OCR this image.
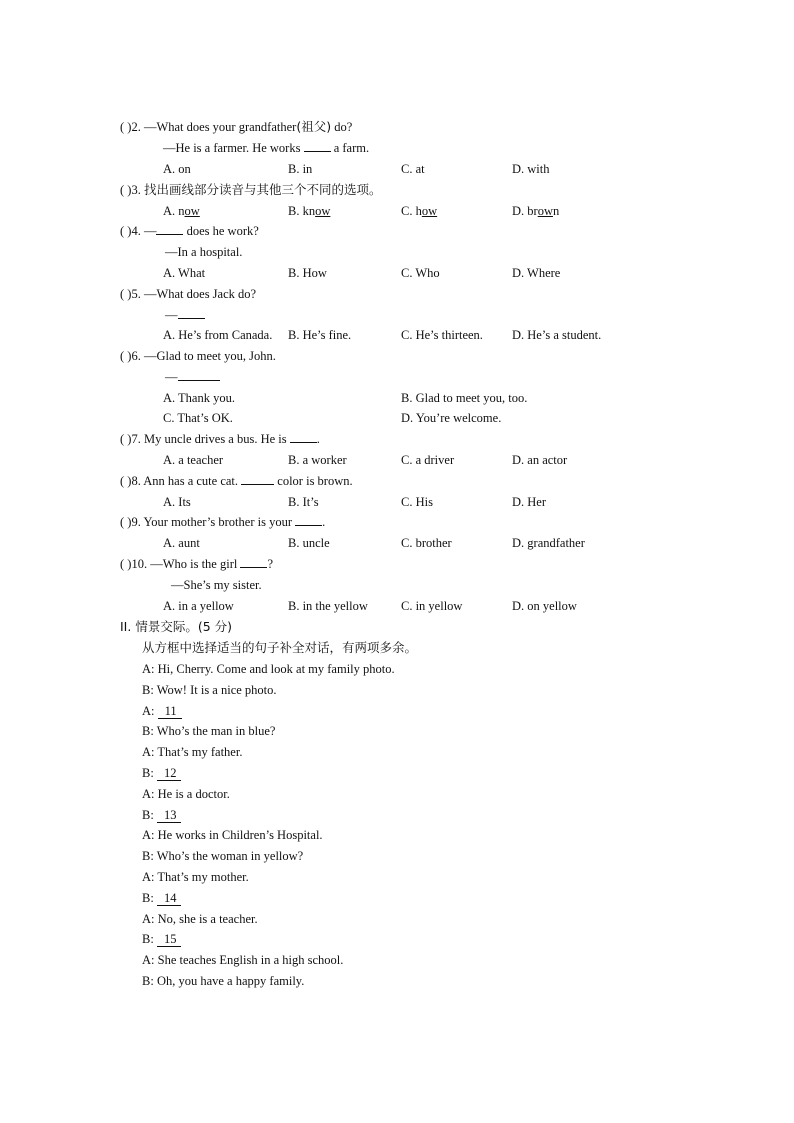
( )2. —What does your grandfather(祖父) do?
—He is a farmer. He works  a farm.
A. on	B. in	C. at	D. with
( )3. 找出画线部分读音与其他三个不同的选项。
A. now	B. know	C. how	D. brown
( )4. — does he work?
—In a hospital.
A. What	B. How	C. Who	D. Where
( )5. —What does Jack do?
—
A. He’s from Canada. B. He’s fine.	C. He’s thirteen. D. He’s a student.
( )6. —Glad to meet you, John.
—
A. Thank you.	B. Glad to meet you, too.
C. That’s OK.	D. You’re welcome.
( )7. My uncle drives a bus. He is .
A. a teacher	B. a worker	C. a driver	D. an actor
( )8. Ann has a cute cat.	color is brown.
A. Its	B. It’s	C. His	D. Her
( )9. Your mother’s brother is your .
A. aunt	B. uncle	C. brother	D. grandfather
( )10. —Who is the girl ?
—She’s my sister.
A. in a yellow	B. in the yellow	C. in yellow	D. on yellow
II. 情景交际。(5 分)
从方框中选择适当的句子补全对话，有两项多余。
A: Hi, Cherry. Come and look at my family photo.
B: Wow! It is a nice photo.
A: 11
B: Who’s the man in blue?
A: That’s my father.
B: 12
A: He is a doctor.
B: 13
A: He works in Children’s Hospital.
B: Who’s the woman in yellow?
A: That’s my mother.
B: 14
A: No, she is a teacher.
B: 15
A: She teaches English in a high school.
B: Oh, you have a happy family.
